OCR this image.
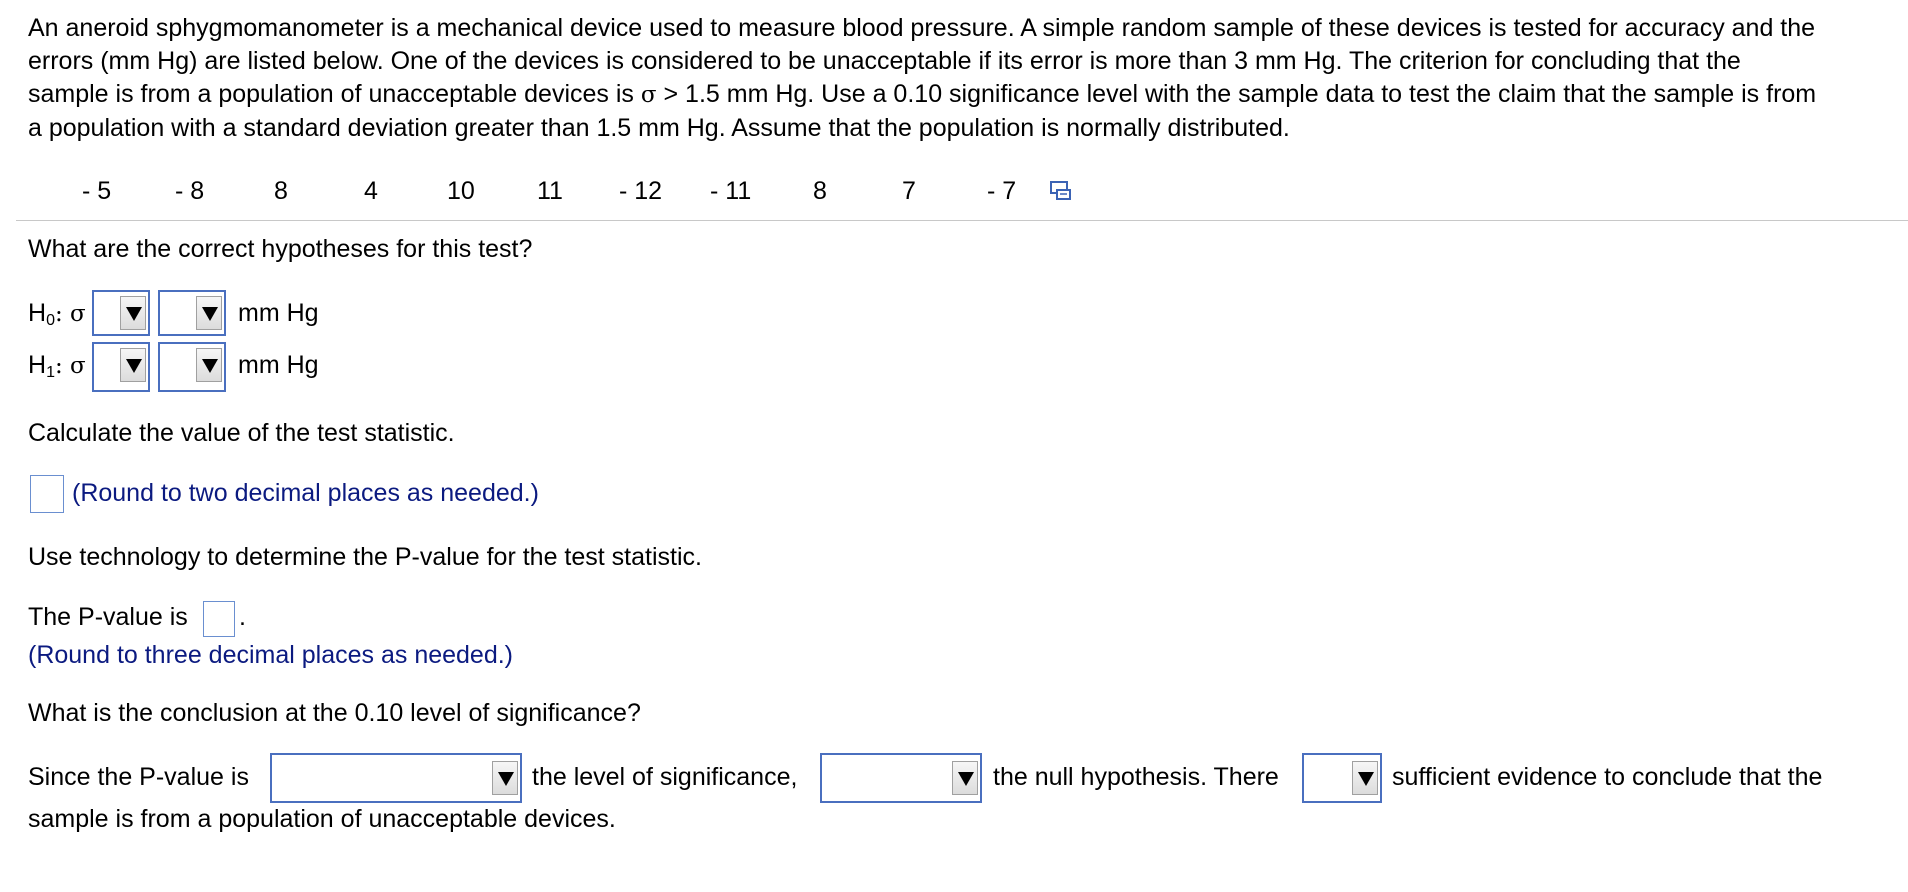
An aneroid sphygmomanometer is a mechanical device used to measure blood pressure. A simple random sample of these devices is tested for accuracy and the
errors (mm Hg) are listed below. One of the devices is considered to be unacceptable if its error is more than 3 mm Hg. The criterion for concluding that the
sample is from a population of unacceptable devices is σ > 1.5 mm Hg. Use a 0.10 significance level with the sample data to test the claim that the sample is from
a population with a standard deviation greater than 1.5 mm Hg. Assume that the population is normally distributed.
- 5	- 8	8	4	10 11 - 12 - 11 8	7	- 7
What are the correct hypotheses for this test?
$H_0$: σ	mm Hg
$H_1$: σ	mm Hg
Calculate the value of the test statistic.
(Round to two decimal places as needed.)
Use technology to determine the P-value for the test statistic.
The P-value is .
(Round to three decimal places as needed.)
What is the conclusion at the 0.10 level of significance?
Since the P-value is	the level of significance,	the null hypothesis. There	sufficient evidence to conclude that the
sample is from a population of unacceptable devices.
